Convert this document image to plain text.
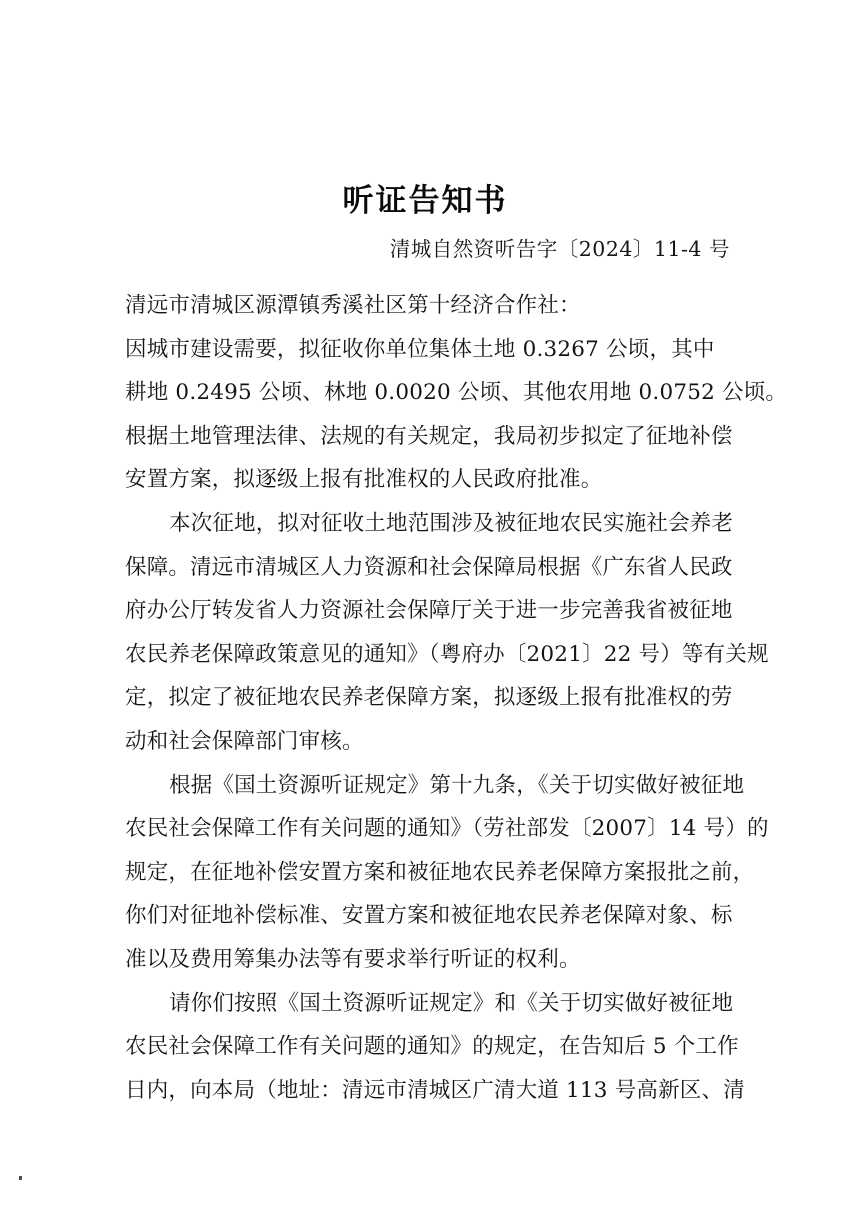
听证告知书
清城自然资听告字〔2024〕11-4 号
清远市清城区源潭镇秀溪社区第十经济合作社：
因城市建设需要，拟征收你单位集体土地 0.3267 公顷，其中
耕地 0.2495 公顷、林地 0.0020 公顷、其他农用地 0.0752 公顷。
根据土地管理法律、法规的有关规定，我局初步拟定了征地补偿
安置方案，拟逐级上报有批准权的人民政府批准。
本次征地，拟对征收土地范围涉及被征地农民实施社会养老
保障。清远市清城区人力资源和社会保障局根据《广东省人民政
府办公厅转发省人力资源社会保障厅关于进一步完善我省被征地
农民养老保障政策意见的通知》（粤府办〔2021〕22 号）等有关规
定，拟定了被征地农民养老保障方案，拟逐级上报有批准权的劳
动和社会保障部门审核。
根据《国土资源听证规定》第十九条，《关于切实做好被征地
农民社会保障工作有关问题的通知》（劳社部发〔2007〕14 号）的
规定，在征地补偿安置方案和被征地农民养老保障方案报批之前，
你们对征地补偿标准、安置方案和被征地农民养老保障对象、标
准以及费用筹集办法等有要求举行听证的权利。
请你们按照《国土资源听证规定》和《关于切实做好被征地
农民社会保障工作有关问题的通知》的规定，在告知后 5 个工作
日内，向本局（地址：清远市清城区广清大道 113 号高新区、清
